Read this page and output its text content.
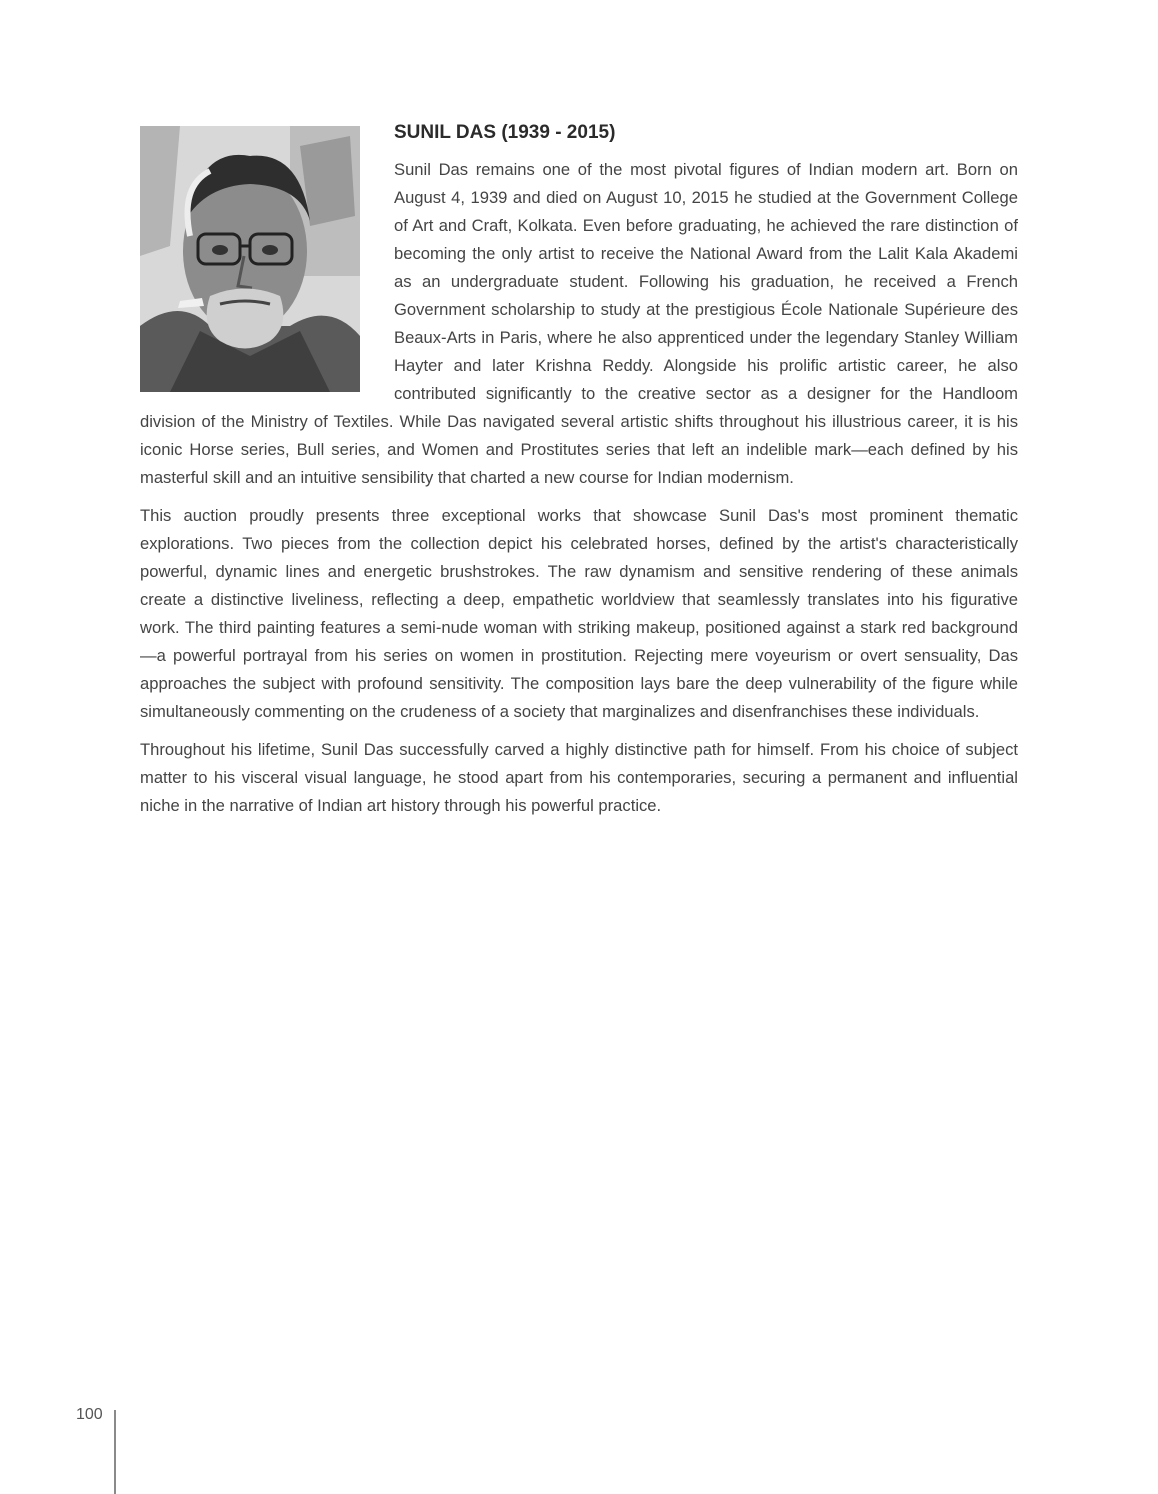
SUNIL DAS (1939 - 2015)

Sunil Das remains one of the most pivotal figures of Indian modern art. Born on August 4, 1939 and died on August 10, 2015 he studied at the Government College of Art and Craft, Kolkata. Even before graduating, he achieved the rare distinction of becoming the only artist to receive the National Award from the Lalit Kala Akademi as an undergraduate student. Following his graduation, he received a French Government scholarship to study at the prestigious École Nationale Supérieure des Beaux-Arts in Paris, where he also apprenticed under the legendary Stanley William Hayter and later Krishna Reddy. Alongside his prolific artistic career, he also contributed significantly to the creative sector as a designer for the Handloom division of the Ministry of Textiles. While Das navigated several artistic shifts throughout his illustrious career, it is his iconic Horse series, Bull series, and Women and Prostitutes series that left an indelible mark—each defined by his masterful skill and an intuitive sensibility that charted a new course for Indian modernism.

This auction proudly presents three exceptional works that showcase Sunil Das's most prominent thematic explorations. Two pieces from the collection depict his celebrated horses, defined by the artist's characteristically powerful, dynamic lines and energetic brushstrokes. The raw dynamism and sensitive rendering of these animals create a distinctive liveliness, reflecting a deep, empathetic worldview that seamlessly translates into his figurative work. The third painting features a semi-nude woman with striking makeup, positioned against a stark red background—a powerful portrayal from his series on women in prostitution. Rejecting mere voyeurism or overt sensuality, Das approaches the subject with profound sensitivity. The composition lays bare the deep vulnerability of the figure while simultaneously commenting on the crudeness of a society that marginalizes and disenfranchises these individuals.

Throughout his lifetime, Sunil Das successfully carved a highly distinctive path for himself. From his choice of subject matter to his visceral visual language, he stood apart from his contemporaries, securing a permanent and influential niche in the narrative of Indian art history through his powerful practice.

100
